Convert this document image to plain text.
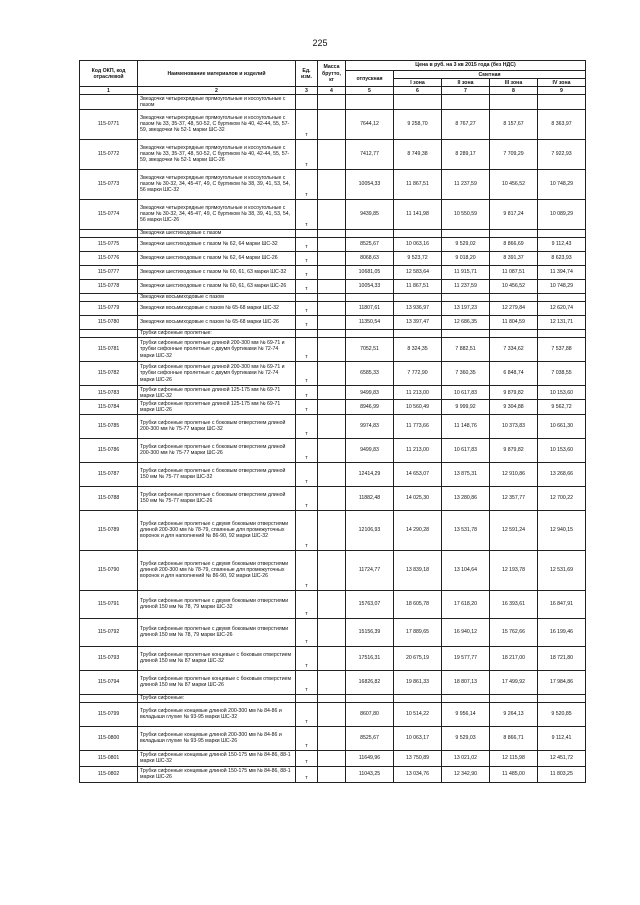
225
Код ОКП, код отраслевой	Наименование материалов и изделий	Ед. изм.	Масса брутто, кг	Цена в руб. на 3 кв 2015 года (без НДС)				
				отпускная	Сметная			
					I зона	II зона	III зона	IV зона
1	2	3	4	5	6	7	8	9
	Звездочки четырехрядные прямоугольные и косоугольные с пазом							
115-0771	Звездочки четырехрядные прямоугольные и косоугольные с пазом № 33, 35-37, 48, 50-52, С буртиком № 40, 42-44, 55, 57-59, звездочки № 52-1 марки ШС-32	т		7644,12	9 258,70	8 767,27	8 157,67	8 363,97
115-0772	Звездочки четырехрядные прямоугольные и косоугольные с пазом № 33, 35-37, 48, 50-52, С буртиком № 40, 42-44, 55, 57-59, звездочки № 52-1 марки ШС-26	т		7412,77	8 749,38	8 289,17	7 709,29	7 922,93
115-0773	Звездочки четырехрядные прямоугольные и косоугольные с пазом № 30-32, 34, 45-47, 49, С буртиком № 38, 39, 41, 53, 54, 56 марки ШС-32	т		10054,33	11 867,51	11 237,59	10 456,52	10 748,29
115-0774	Звездочки четырехрядные прямоугольные и косоугольные с пазом № 30-32, 34, 45-47, 49, С буртиком № 38, 39, 41, 53, 54, 56 марки ШС-26	т		9439,85	11 141,98	10 550,59	9 817,24	10 089,29
	Звездочки шестиходовые с пазом							
115-0775	Звездочки шестиходовые с пазом № 62, 64 марки ШС-32	т		8525,67	10 063,16	9 529,02	8 866,69	9 112,43
115-0776	Звездочки шестиходовые с пазом № 62, 64 марки ШС-26	т		8068,63	9 523,72	9 018,20	8 391,37	8 623,93
115-0777	Звездочки шестиходовые с пазом № 60, 61, 63 марки ШС-32	т		10681,05	12 583,64	11 915,71	11 087,51	11 394,74
115-0778	Звездочки шестиходовые с пазом № 60, 61, 63 марки ШС-26	т		10054,33	11 867,51	11 237,59	10 456,52	10 748,29
	Звездочки восьмиходовые с пазом							
115-0779	Звездочки восьмиходовые с пазом № 65-68 марки ШС-32	т		11807,61	13 936,97	13 197,23	12 279,84	12 620,74
115-0780	Звездочки восьмиходовые с пазом № 65-68 марки ШС-26	т		11350,54	13 397,47	12 686,35	11 804,59	12 131,71
	Трубки сифонные пролетные:							
115-0781	Трубки сифонные пролетные длиной 200-300 мм № 69-71 и трубки сифонные пролетные с двумя буртиками № 72-74 марки ШС-32	т		7052,51	8 324,35	7 882,51	7 334,62	7 537,88
115-0782	Трубки сифонные пролетные длиной 200-300 мм № 69-71 и трубки сифонные пролетные с двумя буртиками № 72-74 марки ШС-26	т		6585,33	7 772,90	7 360,35	6 848,74	7 038,55
115-0783	Трубки сифонные пролетные длиной 125-175 мм № 69-71 марки ШС-32	т		9499,83	11 213,00	10 617,83	9 879,82	10 153,60
115-0784	Трубки сифонные пролетные длиной 125-175 мм № 69-71 марки ШС-26	т		8946,99	10 560,49	9 999,92	9 304,88	9 562,72
115-0785	Трубки сифонные пролетные с боковым отверстием длиной 200-300 мм № 75-77 марки ШС-32	т		9974,83	11 773,66	11 148,76	10 373,83	10 661,30
115-0786	Трубки сифонные пролетные с боковым отверстием длиной 200-300 мм № 75-77 марки ШС-26	т		9499,83	11 213,00	10 617,83	9 879,82	10 153,60
115-0787	Трубки сифонные пролетные с боковым отверстием длиной 150 мм № 75-77 марки ШС-32	т		12414,29	14 653,07	13 875,31	12 910,86	13 268,66
115-0788	Трубки сифонные пролетные с боковым отверстием длиной 150 мм № 75-77 марки ШС-26	т		11882,48	14 025,30	13 280,86	12 357,77	12 700,22
115-0789	Трубки сифонные пролетные с двумя боковыми отверстиями длиной 200-300 мм № 78-79, спаянные для промежуточных воронок и для наполнений № 86-90, 92 марки ШС-32	т		12106,93	14 290,28	13 531,78	12 591,24	12 940,15
115-0790	Трубки сифонные пролетные с двумя боковыми отверстиями длиной 200-300 мм № 78-79, спаянные для промежуточных воронок и для наполнений № 86-90, 92 марки ШС-26	т		11724,77	13 839,18	13 104,64	12 193,78	12 531,69
115-0791	Трубки сифонные пролетные с двумя боковыми отверстиями длиной 150 мм № 78, 79 марки ШС-32	т		15763,07	18 605,78	17 618,20	16 393,61	16 847,91
115-0792	Трубки сифонные пролетные с двумя боковыми отверстиями длиной 150 мм № 78, 79 марки ШС-26	т		15156,39	17 889,65	16 940,12	15 762,66	16 199,46
115-0793	Трубки сифонные пролетные концевые с боковым отверстием длиной 150 мм № 87 марки ШС-32	т		17516,31	20 675,19	19 577,77	18 217,00	18 721,80
115-0794	Трубки сифонные пролетные концевые с боковым отверстием длиной 150 мм № 87 марки ШС-26	т		16826,82	19 861,33	18 807,13	17 499,92	17 984,86
	Трубки сифонные:							
115-0799	Трубки сифонные концевые длиной 200-300 мм № 84-86 и вкладыши глухие № 93-95 марки ШС-32	т		8607,80	10 514,22	9 956,14	9 264,13	9 520,85
115-0800	Трубки сифонные концевые длиной 200-300 мм № 84-86 и вкладыши глухие № 93-95 марки ШС-26	т		8525,67	10 063,17	9 529,03	8 866,71	9 112,41
115-0801	Трубки сифонные концевые длиной 150-175 мм № 84-86, 88-1 марки ШС-32	т		11649,96	13 750,89	13 021,02	12 115,98	12 451,72
115-0802	Трубки сифонные концевые длиной 150-175 мм № 84-86, 88-1 марки ШС-26	т		11043,25	13 034,76	12 342,90	11 485,00	11 803,25
